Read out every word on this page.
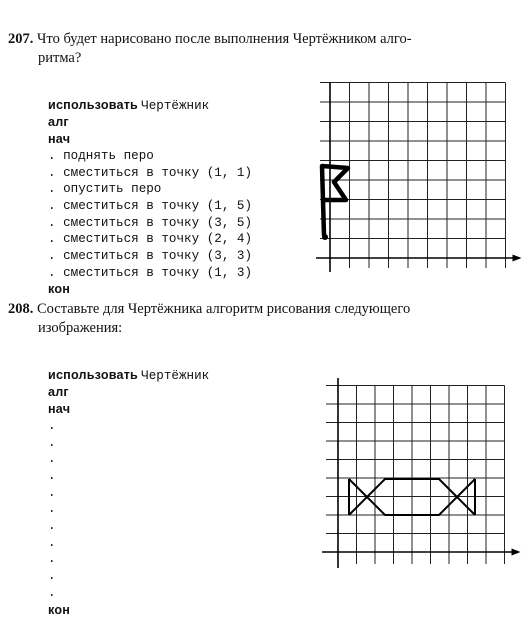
207. Что будет нарисовано после выполнения Чертёжником алго-
ритма?

использовать Чертёжник
алг
нач
. поднять перо
. сместиться в точку (1, 1)
. опустить перо
. сместиться в точку (1, 5)
. сместиться в точку (3, 5)
. сместиться в точку (2, 4)
. сместиться в точку (3, 3)
. сместиться в точку (1, 3)
кон

208. Составьте для Чертёжника алгоритм рисования следующего
изображения:

использовать Чертёжник
алг
нач
.
.
.
.
.
.
.
.
.
.
.
кон
